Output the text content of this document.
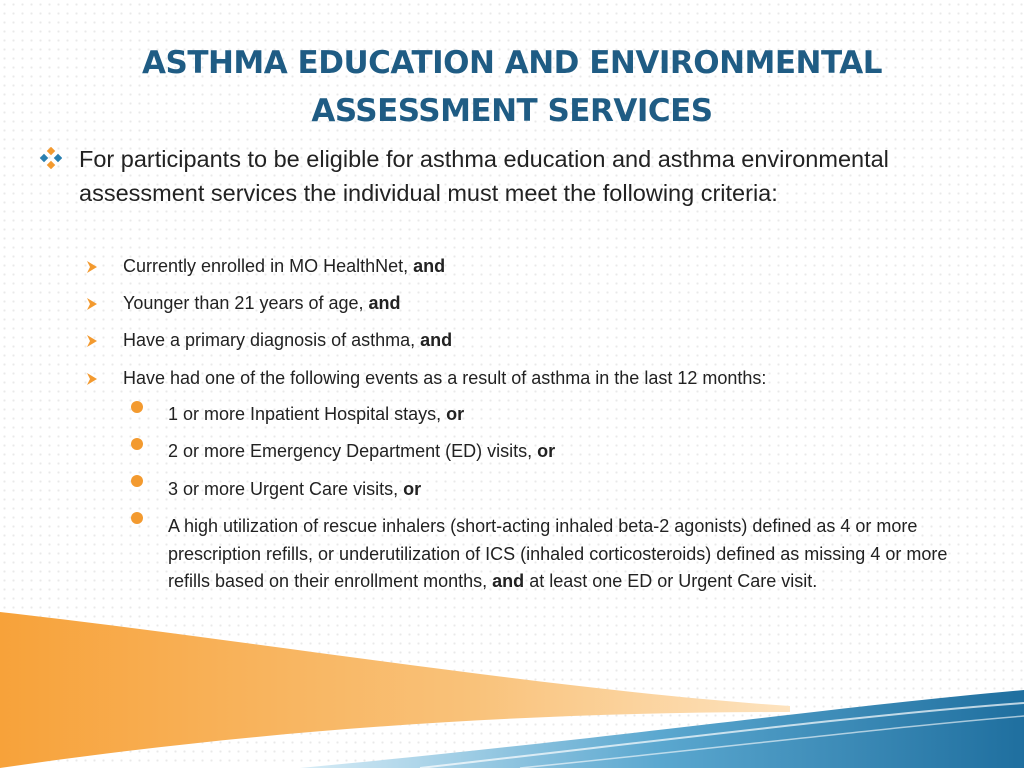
ASTHMA EDUCATION AND ENVIRONMENTAL
ASSESSMENT SERVICES

For participants to be eligible for asthma education and asthma environmental assessment services the individual must meet the following criteria:

Currently enrolled in MO HealthNet, and
Younger than 21 years of age, and
Have a primary diagnosis of asthma, and
Have had one of the following events as a result of asthma in the last 12 months:
1 or more Inpatient Hospital stays, or
2 or more Emergency Department (ED) visits, or
3 or more Urgent Care visits, or
A high utilization of rescue inhalers (short-acting inhaled beta-2 agonists) defined as 4 or more prescription refills, or underutilization of ICS (inhaled corticosteroids) defined as missing 4 or more refills based on their enrollment months, and at least one ED or Urgent Care visit.
